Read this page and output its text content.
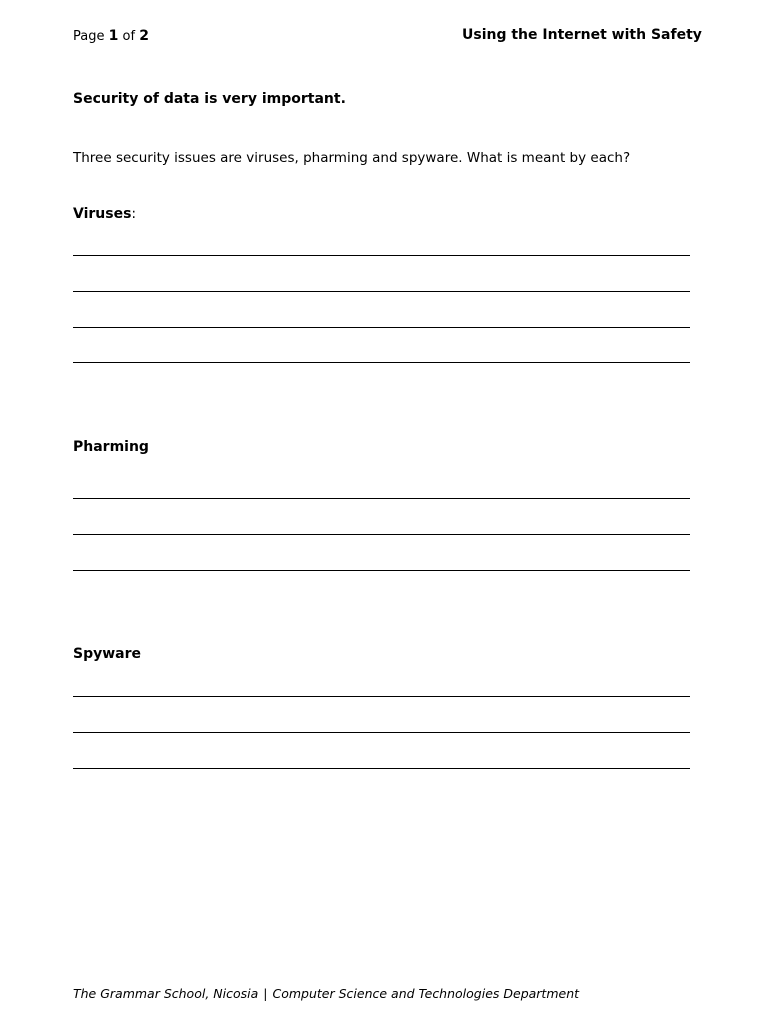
Page 1 of 2	Using the Internet with Safety
Security of data is very important.
Three security issues are viruses, pharming and spyware. What is meant by each?
Viruses:
Pharming
Spyware
The Grammar School, Nicosia | Computer Science and Technologies Department
